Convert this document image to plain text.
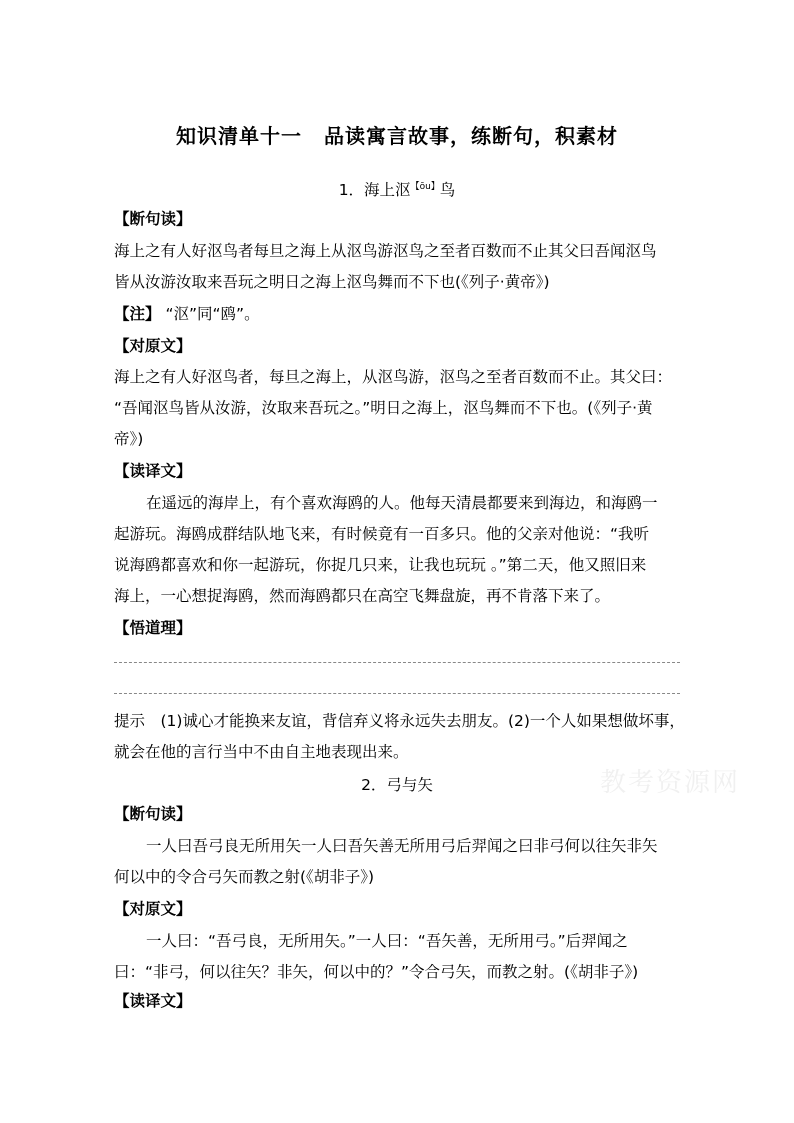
知识清单十一 品读寓言故事，练断句，积素材
1．海上沤$^{【ōu】}$鸟
【断句读】
海上之有人好沤鸟者每旦之海上从沤鸟游沤鸟之至者百数而不止其父曰吾闻沤鸟
皆从汝游汝取来吾玩之明日之海上沤鸟舞而不下也(《列子·黄帝》)
【注】 “沤”同“鸥”。
【对原文】
海上之有人好沤鸟者，每旦之海上，从沤鸟游，沤鸟之至者百数而不止。其父曰：
“吾闻沤鸟皆从汝游，汝取来吾玩之。”明日之海上，沤鸟舞而不下也。(《列子·黄
帝》)
【读译文】
在遥远的海岸上，有个喜欢海鸥的人。他每天清晨都要来到海边，和海鸥一
起游玩。海鸥成群结队地飞来，有时候竟有一百多只。他的父亲对他说：“我听
说海鸥都喜欢和你一起游玩，你捉几只来，让我也玩玩 。”第二天，他又照旧来
海上，一心想捉海鸥，然而海鸥都只在高空飞舞盘旋，再不肯落下来了。
【悟道理】
提示　(1)诚心才能换来友谊，背信弃义将永远失去朋友。(2)一个人如果想做坏事，
就会在他的言行当中不由自主地表现出来。
教考资源网
2．弓与矢
【断句读】
一人曰吾弓良无所用矢一人曰吾矢善无所用弓后羿闻之曰非弓何以往矢非矢
何以中的令合弓矢而教之射(《胡非子》)
【对原文】
一人曰：“吾弓良，无所用矢。”一人曰：“吾矢善，无所用弓。”后羿闻之
曰：“非弓，何以往矢？非矢，何以中的？”令合弓矢，而教之射。(《胡非子》)
【读译文】
